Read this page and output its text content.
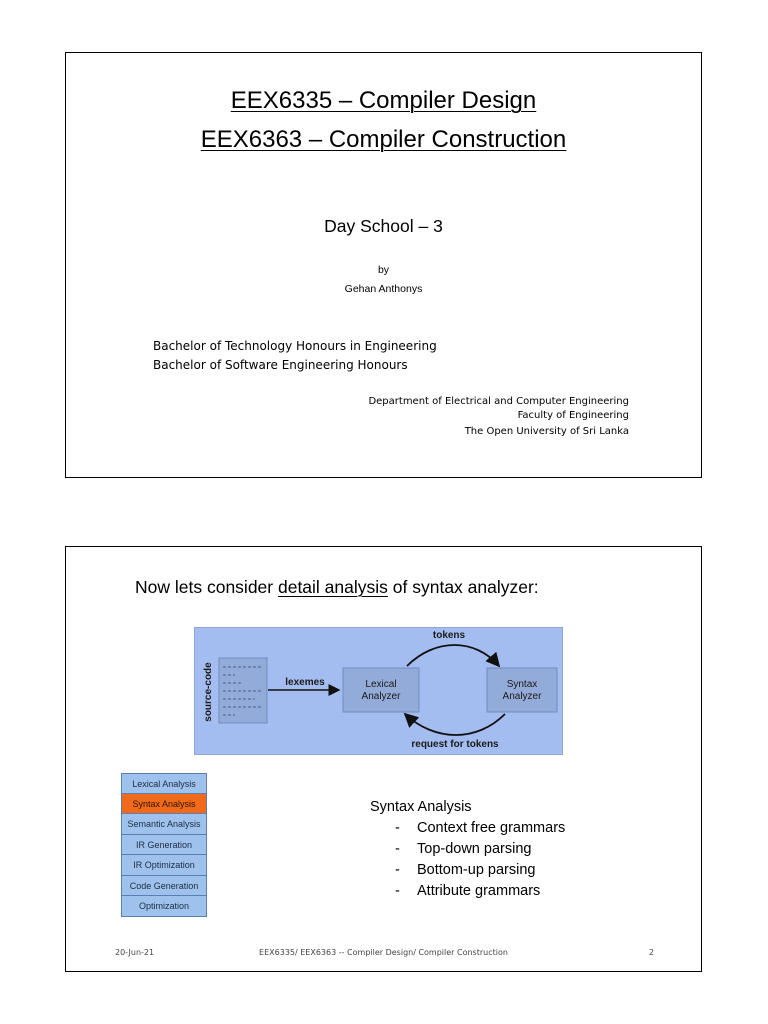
EEX6335 – Compiler Design
EEX6363 – Compiler Construction
Day School – 3
by
Gehan Anthonys
Bachelor of Technology Honours in Engineering
Bachelor of Software Engineering Honours
Department of Electrical and Computer Engineering
Faculty of Engineering
The Open University of Sri Lanka
Now lets consider detail analysis of syntax analyzer:
source-code	lexemes	Lexical
Analyzer
Syntax
Analyzer
tokens
request for tokens
Lexical Analysis
Syntax Analysis
Semantic Analysis
IR Generation
IR Optimization
Code Generation
Optimization
Syntax Analysis
- Context free grammars
- Top-down parsing
- Bottom-up parsing
- Attribute grammars
20-Jun-21	EEX6335/ EEX6363 -- Compiler Design/ Compiler Construction	2
